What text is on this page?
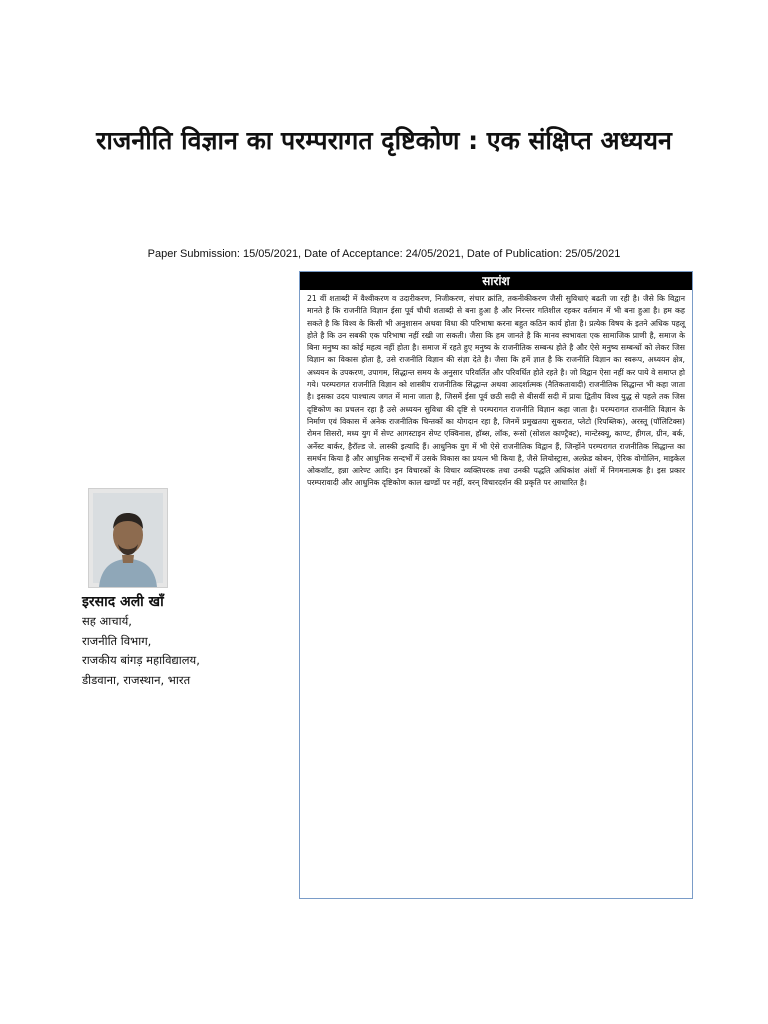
राजनीति विज्ञान का परम्परागत दृष्टिकोण : एक संक्षिप्त अध्ययन
Paper Submission: 15/05/2021, Date of Acceptance: 24/05/2021, Date of Publication: 25/05/2021
इरसाद अली खाँ
सह आचार्य,
राजनीति विभाग,
राजकीय बांगड़ महाविद्यालय,
डीडवाना, राजस्थान, भारत
सारांश

21 वीं शताब्दी में वैश्वीकरण व उदारीकरण, निजीकरण, संचार क्रांति, तकनीकीकरण जैसी सुविधाएं बढती जा रही है। जैसे कि विद्वान मानते है कि राजनीति विज्ञान ईसा पूर्व चौथी शताब्दी से बना हुआ है और निरन्तर गतिशील रहकर वर्तमान में भी बना हुआ है। हम कह सकते है कि विश्व के किसी भी अनुशासन अथवा विधा की परिभाषा करना बहुत कठिन कार्य होता है। प्रत्येक विषय के इतने अधिक पहलू होते है कि उन सबकी एक परिभाषा नहीं रखी जा सकती। जैसा कि हम जानते है कि मानव स्वभावतः एक सामाजिक प्राणी है, समाज के बिना मनुष्य का कोई महत्व नहीं होता है। समाज में रहते हुए मनुष्य के राजनीतिक सम्बन्ध होते है और ऐसे मनुष्य सम्बन्धों को लेकर जिस विज्ञान का विकास होता है, उसे राजनीति विज्ञान की संज्ञा देते है। जैसा कि हमें ज्ञात है कि राजनीति विज्ञान का स्वरूप, अध्ययन क्षेत्र, अध्ययन के उपकरण, उपागम, सिद्धान्त समय के अनुसार परिवर्तित और परिवर्धित होते रहते है। जो विद्वान ऐसा नहीं कर पाये वे समाप्त हो गये। परम्परागत राजनीति विज्ञान को शास्त्रीय राजनीतिक सिद्धान्त अथवा आदर्शात्मक (नैतिकतावादी) राजनीतिक सिद्धान्त भी कहा जाता है। इसका उदय पाश्चात्य जगत में माना जाता है, जिसमें ईसा पूर्व छठी सदी से बीसवीं सदी में प्रायः द्वितीय विश्व युद्ध से पहले तक जिस दृष्टिकोण का प्रचलन रहा है उसे अध्ययन सुविधा की दृष्टि से परम्परागत राजनीति विज्ञान कहा जाता है। परम्परागत राजनीति विज्ञान के निर्माण एवं विकास में अनेक राजनीतिक चिन्तकों का योगदान रहा है, जिनमें प्रमुखतया सुकरात, प्लेटो (रिपब्लिक), अरस्तू (पॉलिटिक्स) रोमन सिसरो, मध्य युग में सेण्ट आगस्टाइन सेण्ट एक्विनास, हॉब्स, लॉक, रूसो (सोशल काण्ट्रैक्ट), मान्टेस्क्यू, काण्ट, हीगल, ग्रीन, बर्क, अर्नेस्ट बार्कर, हैरॉल्ड जे. लास्की इत्यादि हैं। आधुनिक युग में भी ऐसे राजनीतिक विद्वान हैं, जिन्होंने परम्परागत राजनीतिक सिद्धान्त का समर्थन किया है और आधुनिक सन्दर्भों में उसके विकास का प्रयत्न भी किया है, जैसे लियोस्ट्रास, अल्फ्रेड कोबन, ऐरिक वोगोलिन, माइकेल ओकशॉट, हन्ना आरेण्ट आदि। इन विचारकों के विचार व्यक्तिपरक तथा उनकी पद्धति अधिकांश अंशों में निगमनात्मक है। इस प्रकार परम्परावादी और आधुनिक दृष्टिकोण काल खण्डों पर नहीं, वरन् विचारदर्शन की प्रकृति पर आधारित है।
